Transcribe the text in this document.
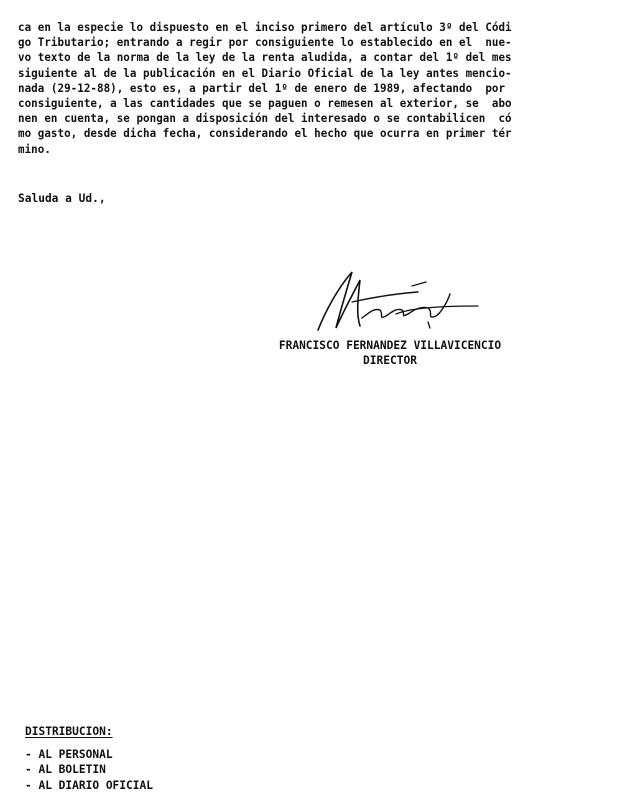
ca en la especie lo dispuesto en el inciso primero del artículo 3º del Códi
go Tributario; entrando a regir por consiguiente lo establecido en el  nue-
vo texto de la norma de la ley de la renta aludida, a contar del 1º del mes
siguiente al de la publicación en el Diario Oficial de la ley antes mencio-
nada (29-12-88), esto es, a partir del 1º de enero de 1989, afectando  por
consiguiente, a las cantidades que se paguen o remesen al exterior, se  abo
nen en cuenta, se pongan a disposición del interesado o se contabilicen  có
mo gasto, desde dicha fecha, considerando el hecho que ocurra en primer tér
mino.
Saluda a Ud.,
FRANCISCO FERNANDEZ VILLAVICENCIO
DIRECTOR
DISTRIBUCION:
- AL PERSONAL
- AL BOLETIN
- AL DIARIO OFICIAL
